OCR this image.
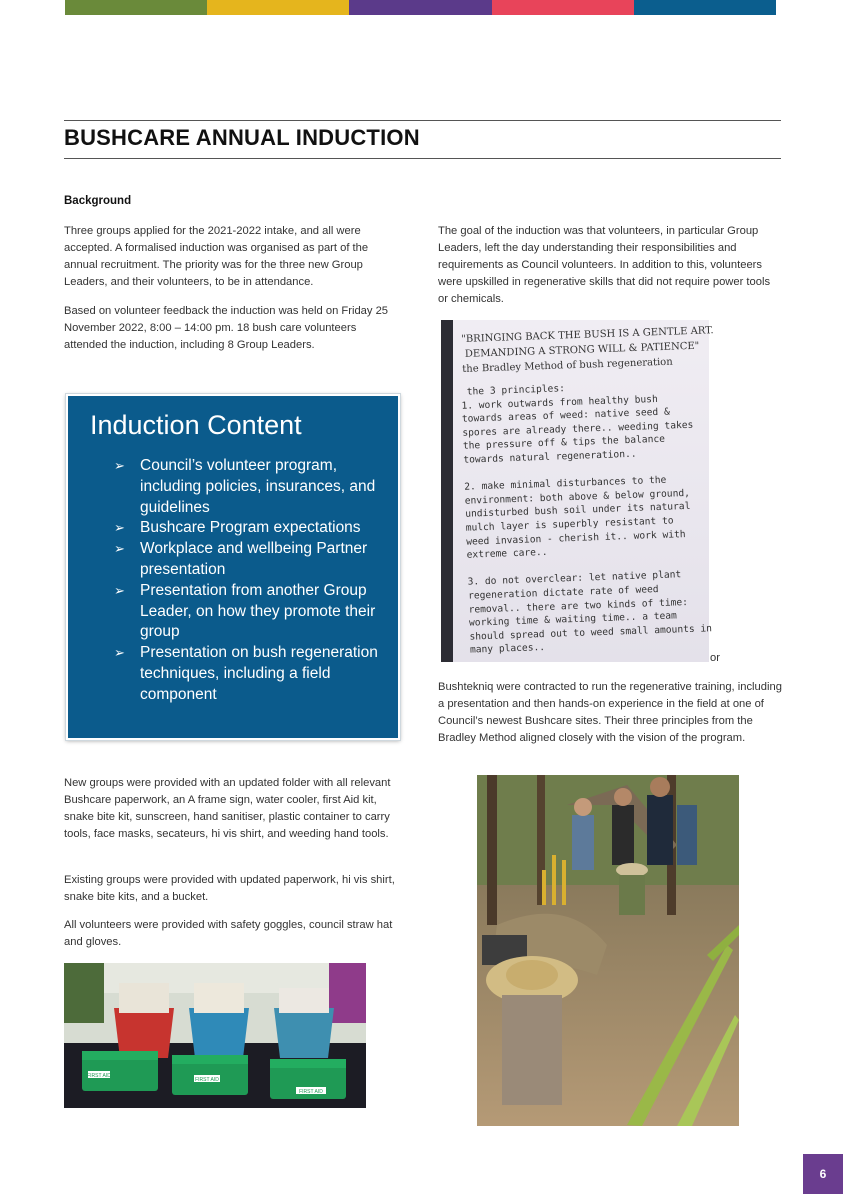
BUSHCARE ANNUAL INDUCTION
Background

Three groups applied for the 2021-2022 intake, and all were accepted. A formalised induction was organised as part of the annual recruitment. The priority was for the three new Group Leaders, and their volunteers, to be in attendance.

Based on volunteer feedback the induction was held on Friday 25 November 2022, 8:00 – 14:00 pm. 18 bush care volunteers attended the induction, including 8 Group Leaders.

Induction Content
➢ Council’s volunteer program, including policies, insurances, and guidelines
➢ Bushcare Program expectations
➢ Workplace and wellbeing Partner presentation
➢ Presentation from another Group Leader, on how they promote their group
➢ Presentation on bush regeneration techniques, including a field component

New groups were provided with an updated folder with all relevant Bushcare paperwork, an A frame sign, water cooler, first Aid kit, snake bite kit, sunscreen, hand sanitiser, plastic container to carry tools, face masks, secateurs, hi vis shirt, and weeding hand tools.

Existing groups were provided with updated paperwork, hi vis shirt, snake bite kits, and a bucket.

All volunteers were provided with safety goggles, council straw hat and gloves.

The goal of the induction was that volunteers, in particular Group Leaders, left the day understanding their responsibilities and requirements as Council volunteers. In addition to this, volunteers were upskilled in regenerative skills that did not require power tools or chemicals.

"BRINGING BACK THE BUSH IS A GENTLE ART.
DEMANDING A STRONG WILL & PATIENCE"
the Bradley Method of bush regeneration
the 3 principles:
1. work outwards from healthy bush
towards areas of weed: native seed &
spores are already there.. weeding takes
the pressure off & tips the balance
towards natural regeneration..

2. make minimal disturbances to the
environment: both above & below ground,
undisturbed bush soil under its natural
mulch layer is superbly resistant to
weed invasion - cherish it.. work with
extreme care..

3. do not overclear: let native plant
regeneration dictate rate of weed
removal.. there are two kinds of time:
working time & waiting time.. a team
should spread out to weed small amounts in
many places..
or

Bushtekniq were contracted to run the regenerative training, including a presentation and then hands-on experience in the field at one of Council’s newest Bushcare sites. Their three principles from the Bradley Method aligned closely with the vision of the program.

FIRST AID
FIRST AID
FIRST AID
6
